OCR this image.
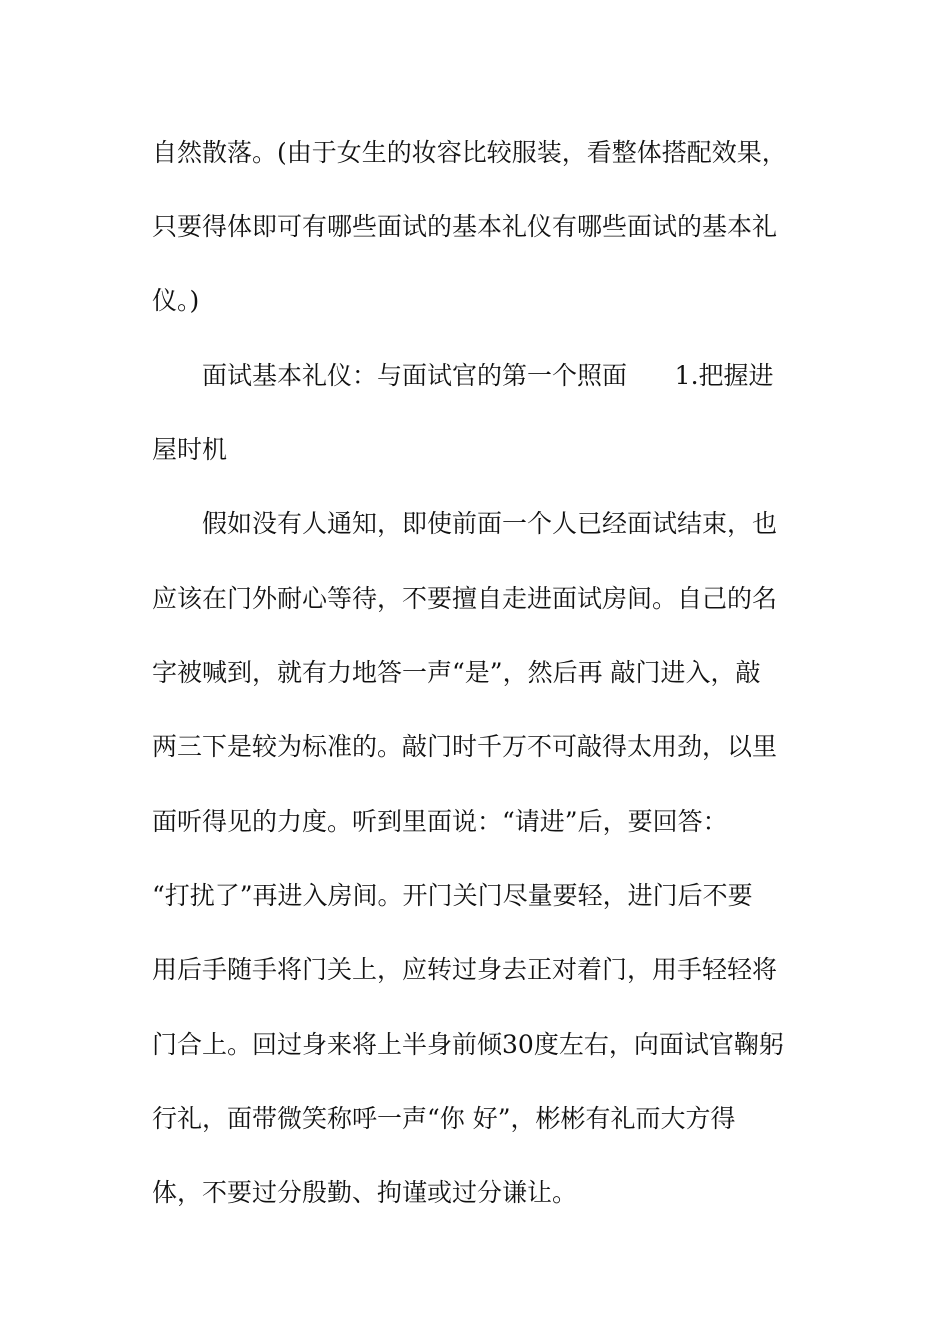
自然散落。(由于女生的妆容比较服装，看整体搭配效果，
只要得体即可有哪些面试的基本礼仪有哪些面试的基本礼
仪。)
面试基本礼仪：与面试官的第一个照面      1.把握进
屋时机
假如没有人通知，即使前面一个人已经面试结束，也
应该在门外耐心等待，不要擅自走进面试房间。自己的名
字被喊到，就有力地答一声“是”，然后再 敲门进入，敲
两三下是较为标准的。敲门时千万不可敲得太用劲，以里
面听得见的力度。听到里面说：“请进”后，要回答：
“打扰了”再进入房间。开门关门尽量要轻，进门后不要
用后手随手将门关上，应转过身去正对着门，用手轻轻将
门合上。回过身来将上半身前倾30度左右，向面试官鞠躬
行礼，面带微笑称呼一声“你 好”，彬彬有礼而大方得
体，不要过分殷勤、拘谨或过分谦让。
